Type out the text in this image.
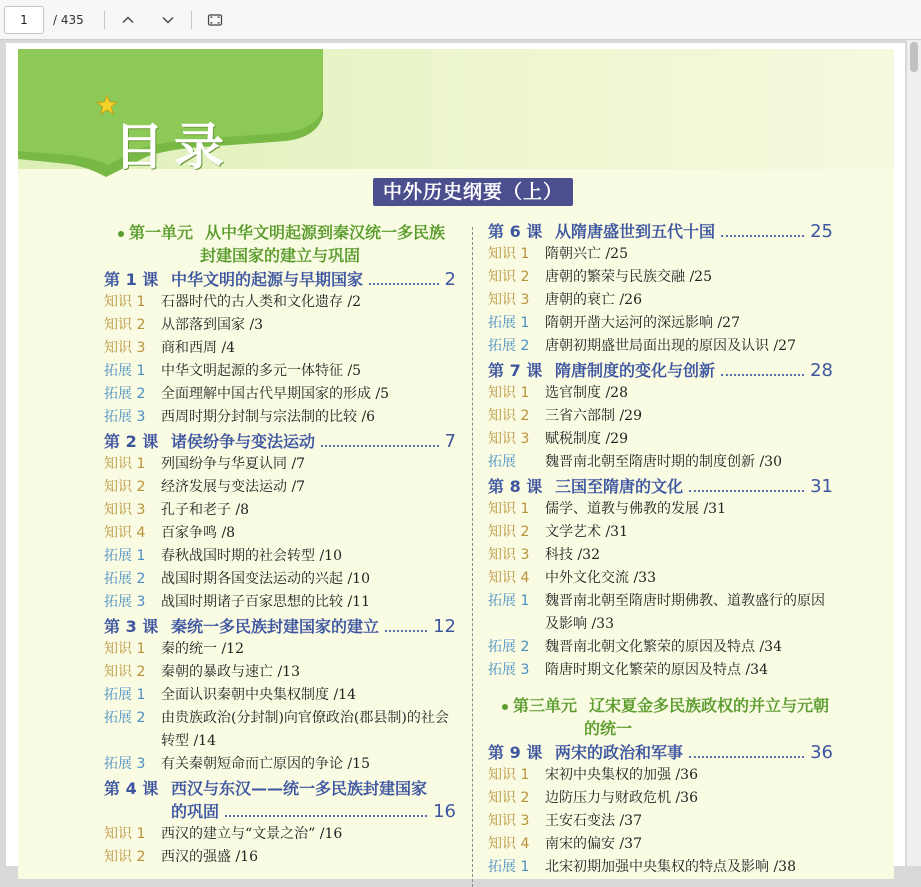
1
/ 435
目录
中外历史纲要（上）
第一单元 从中华文明起源到秦汉统一多民族
封建国家的建立与巩固
第 1 课 中华文明的起源与早期国家	2
知识 1	石器时代的古人类和文化遗存 /2
知识 2	从部落到国家 /3
知识 3	商和西周 /4
拓展 1	中华文明起源的多元一体特征 /5
拓展 2	全面理解中国古代早期国家的形成 /5
拓展 3	西周时期分封制与宗法制的比较 /6
第 2 课 诸侯纷争与变法运动	7
知识 1	列国纷争与华夏认同 /7
知识 2	经济发展与变法运动 /7
知识 3	孔子和老子 /8
知识 4	百家争鸣 /8
拓展 1	春秋战国时期的社会转型 /10
拓展 2	战国时期各国变法运动的兴起 /10
拓展 3	战国时期诸子百家思想的比较 /11
第 3 课 秦统一多民族封建国家的建立	12
知识 1	秦的统一 /12
知识 2	秦朝的暴政与速亡 /13
拓展 1	全面认识秦朝中央集权制度 /14
拓展 2	由贵族政治(分封制)向官僚政治(郡县制)的社会转型 /14
拓展 3	有关秦朝短命而亡原因的争论 /15
第 4 课 西汉与东汉——统一多民族封建国家
的巩固	16
知识 1	西汉的建立与“文景之治” /16
知识 2	西汉的强盛 /16
第 6 课 从隋唐盛世到五代十国	25
知识 1	隋朝兴亡 /25
知识 2	唐朝的繁荣与民族交融 /25
知识 3	唐朝的衰亡 /26
拓展 1	隋朝开凿大运河的深远影响 /27
拓展 2	唐朝初期盛世局面出现的原因及认识 /27
第 7 课 隋唐制度的变化与创新	28
知识 1	选官制度 /28
知识 2	三省六部制 /29
知识 3	赋税制度 /29
拓展	魏晋南北朝至隋唐时期的制度创新 /30
第 8 课 三国至隋唐的文化	31
知识 1	儒学、道教与佛教的发展 /31
知识 2	文学艺术 /31
知识 3	科技 /32
知识 4	中外文化交流 /33
拓展 1	魏晋南北朝至隋唐时期佛教、道教盛行的原因及影响 /33
拓展 2	魏晋南北朝文化繁荣的原因及特点 /34
拓展 3	隋唐时期文化繁荣的原因及特点 /34
第三单元 辽宋夏金多民族政权的并立与元朝
的统一
第 9 课 两宋的政治和军事	36
知识 1	宋初中央集权的加强 /36
知识 2	边防压力与财政危机 /36
知识 3	王安石变法 /37
知识 4	南宋的偏安 /37
拓展 1	北宋初期加强中央集权的特点及影响 /38
